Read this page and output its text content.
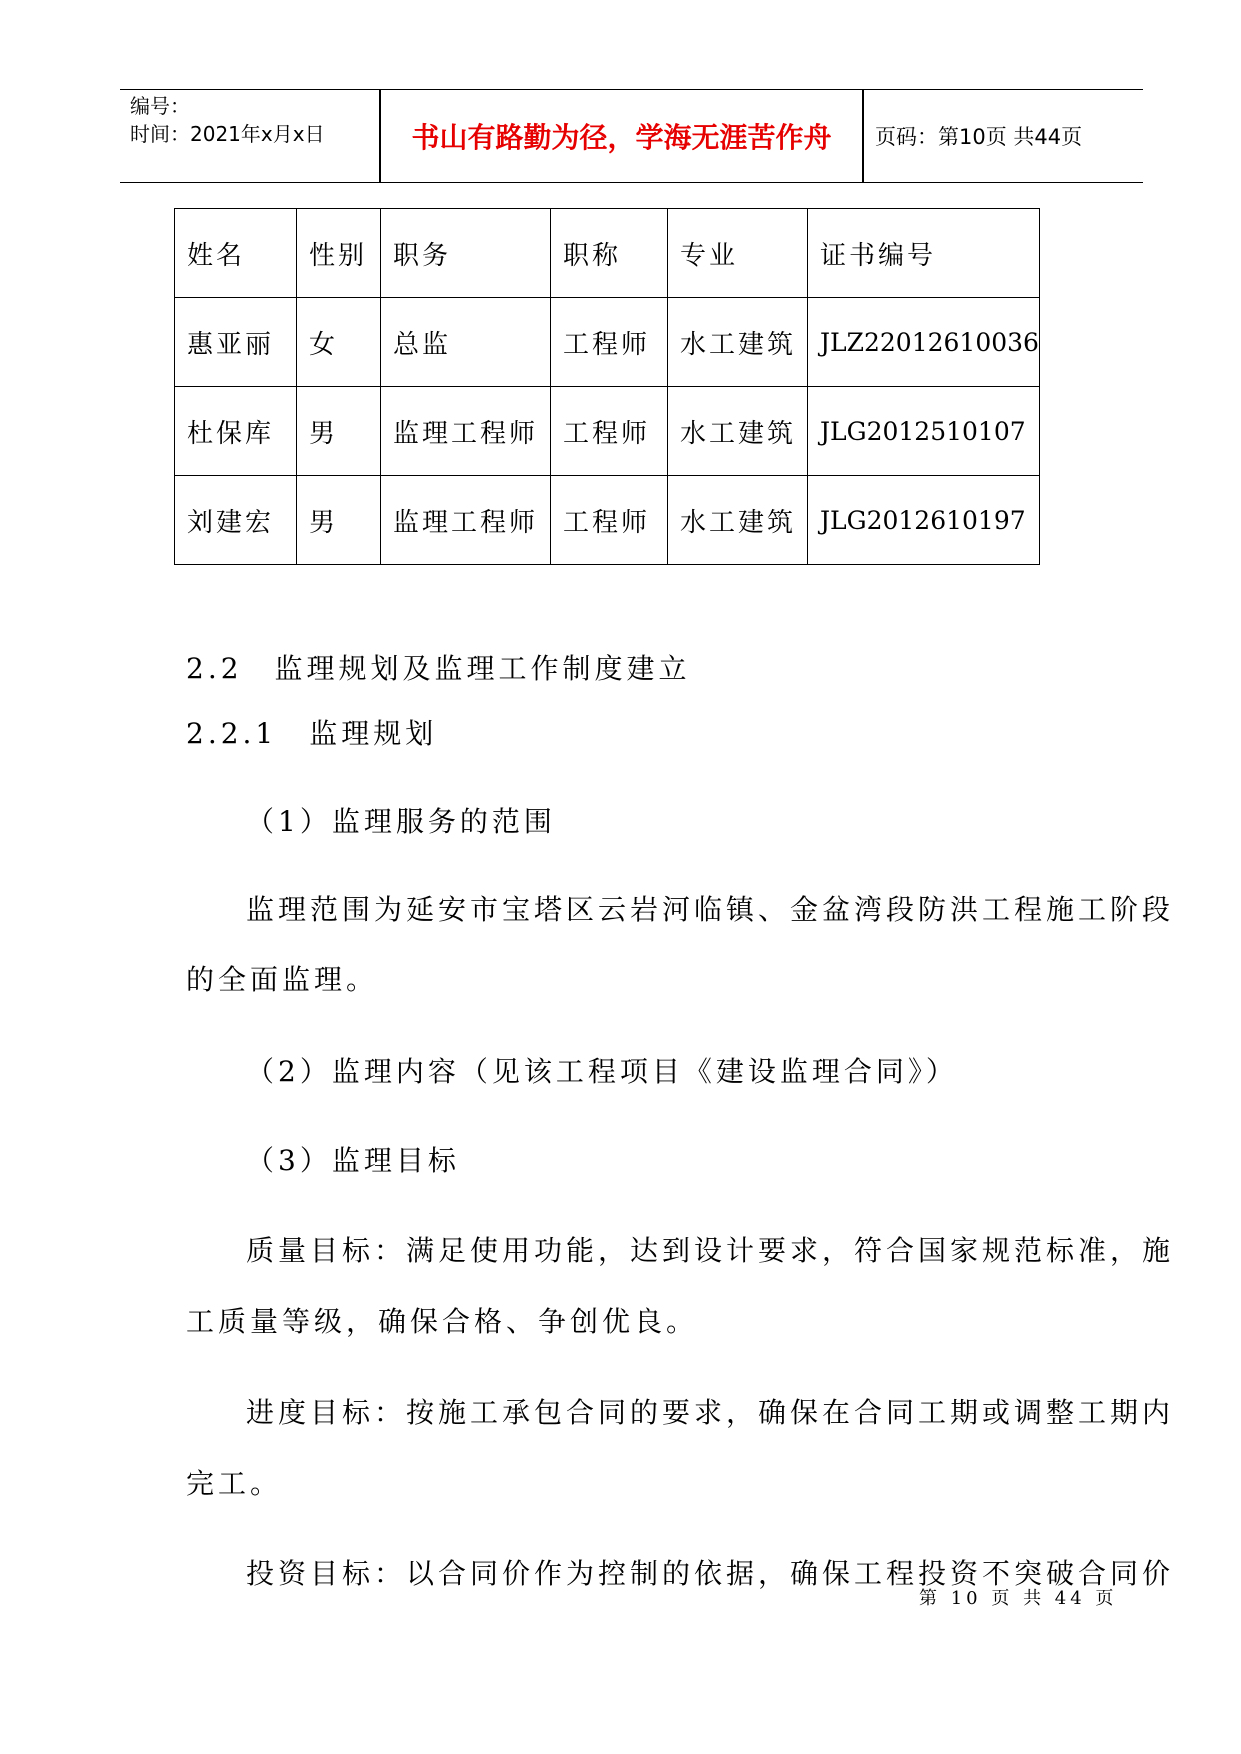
编号：
时间：2021年x月x日	书山有路勤为径，学海无涯苦作舟	页码：第10页 共44页
姓名	性别	职务	职称	专业	证书编号
惠亚丽	女	总监	工程师	水工建筑	JLZ22012610036
杜保库	男	监理工程师	工程师	水工建筑	JLG2012510107
刘建宏	男	监理工程师	工程师	水工建筑	JLG2012610197
2.2　监理规划及监理工作制度建立
2.2.1　监理规划
（1）监理服务的范围
监理范围为延安市宝塔区云岩河临镇、金盆湾段防洪工程施工阶段
的全面监理。
（2）监理内容（见该工程项目《建设监理合同》）
（3）监理目标
质量目标：满足使用功能，达到设计要求，符合国家规范标准，施
工质量等级，确保合格、争创优良。
进度目标：按施工承包合同的要求，确保在合同工期或调整工期内
完工。
投资目标：以合同价作为控制的依据，确保工程投资不突破合同价
第 10 页 共 44 页
